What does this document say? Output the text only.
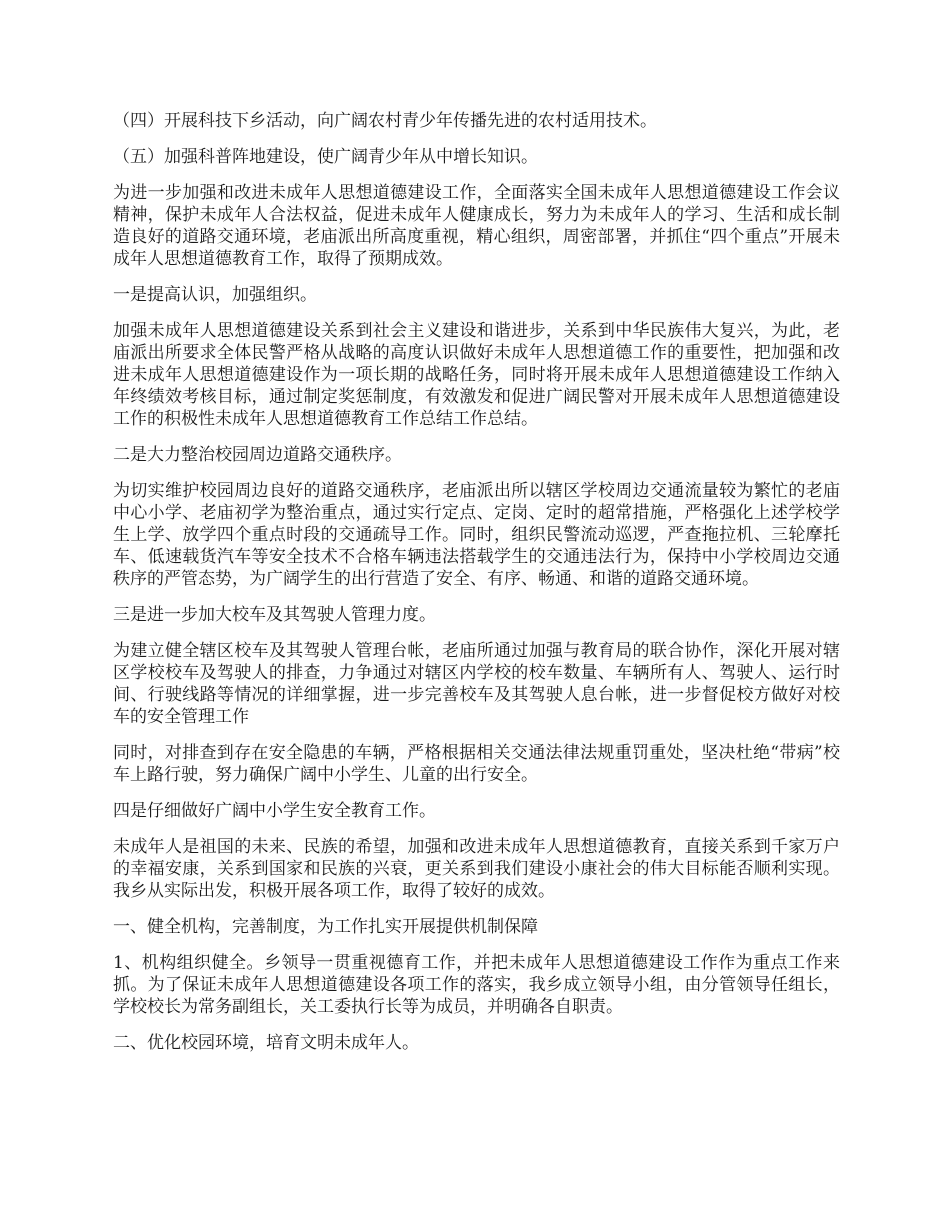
（四）开展科技下乡活动，向广阔农村青少年传播先进的农村适用技术。

（五）加强科普阵地建设，使广阔青少年从中增长知识。

为进一步加强和改进未成年人思想道德建设工作，全面落实全国未成年人思想道德建设工作会议精神，保护未成年人合法权益，促进未成年人健康成长，努力为未成年人的学习、生活和成长制造良好的道路交通环境，老庙派出所高度重视，精心组织，周密部署，并抓住“四个重点”开展未成年人思想道德教育工作，取得了预期成效。

一是提高认识，加强组织。

加强未成年人思想道德建设关系到社会主义建设和谐进步，关系到中华民族伟大复兴，为此，老庙派出所要求全体民警严格从战略的高度认识做好未成年人思想道德工作的重要性，把加强和改进未成年人思想道德建设作为一项长期的战略任务，同时将开展未成年人思想道德建设工作纳入年终绩效考核目标，通过制定奖惩制度，有效激发和促进广阔民警对开展未成年人思想道德建设工作的积极性未成年人思想道德教育工作总结工作总结。

二是大力整治校园周边道路交通秩序。

为切实维护校园周边良好的道路交通秩序，老庙派出所以辖区学校周边交通流量较为繁忙的老庙中心小学、老庙初学为整治重点，通过实行定点、定岗、定时的超常措施，严格强化上述学校学生上学、放学四个重点时段的交通疏导工作。同时，组织民警流动巡逻，严查拖拉机、三轮摩托车、低速载货汽车等安全技术不合格车辆违法搭载学生的交通违法行为，保持中小学校周边交通秩序的严管态势，为广阔学生的出行营造了安全、有序、畅通、和谐的道路交通环境。

三是进一步加大校车及其驾驶人管理力度。

为建立健全辖区校车及其驾驶人管理台帐，老庙所通过加强与教育局的联合协作，深化开展对辖区学校校车及驾驶人的排查，力争通过对辖区内学校的校车数量、车辆所有人、驾驶人、运行时间、行驶线路等情况的详细掌握，进一步完善校车及其驾驶人息台帐，进一步督促校方做好对校车的安全管理工作

同时，对排查到存在安全隐患的车辆，严格根据相关交通法律法规重罚重处，坚决杜绝“带病”校车上路行驶，努力确保广阔中小学生、儿童的出行安全。

四是仔细做好广阔中小学生安全教育工作。

未成年人是祖国的未来、民族的希望，加强和改进未成年人思想道德教育，直接关系到千家万户的幸福安康，关系到国家和民族的兴衰，更关系到我们建设小康社会的伟大目标能否顺利实现。我乡从实际出发，积极开展各项工作，取得了较好的成效。

一、健全机构，完善制度，为工作扎实开展提供机制保障

1、机构组织健全。乡领导一贯重视德育工作，并把未成年人思想道德建设工作作为重点工作来抓。为了保证未成年人思想道德建设各项工作的落实，我乡成立领导小组，由分管领导任组长，学校校长为常务副组长，关工委执行长等为成员，并明确各自职责。

二、优化校园环境，培育文明未成年人。
